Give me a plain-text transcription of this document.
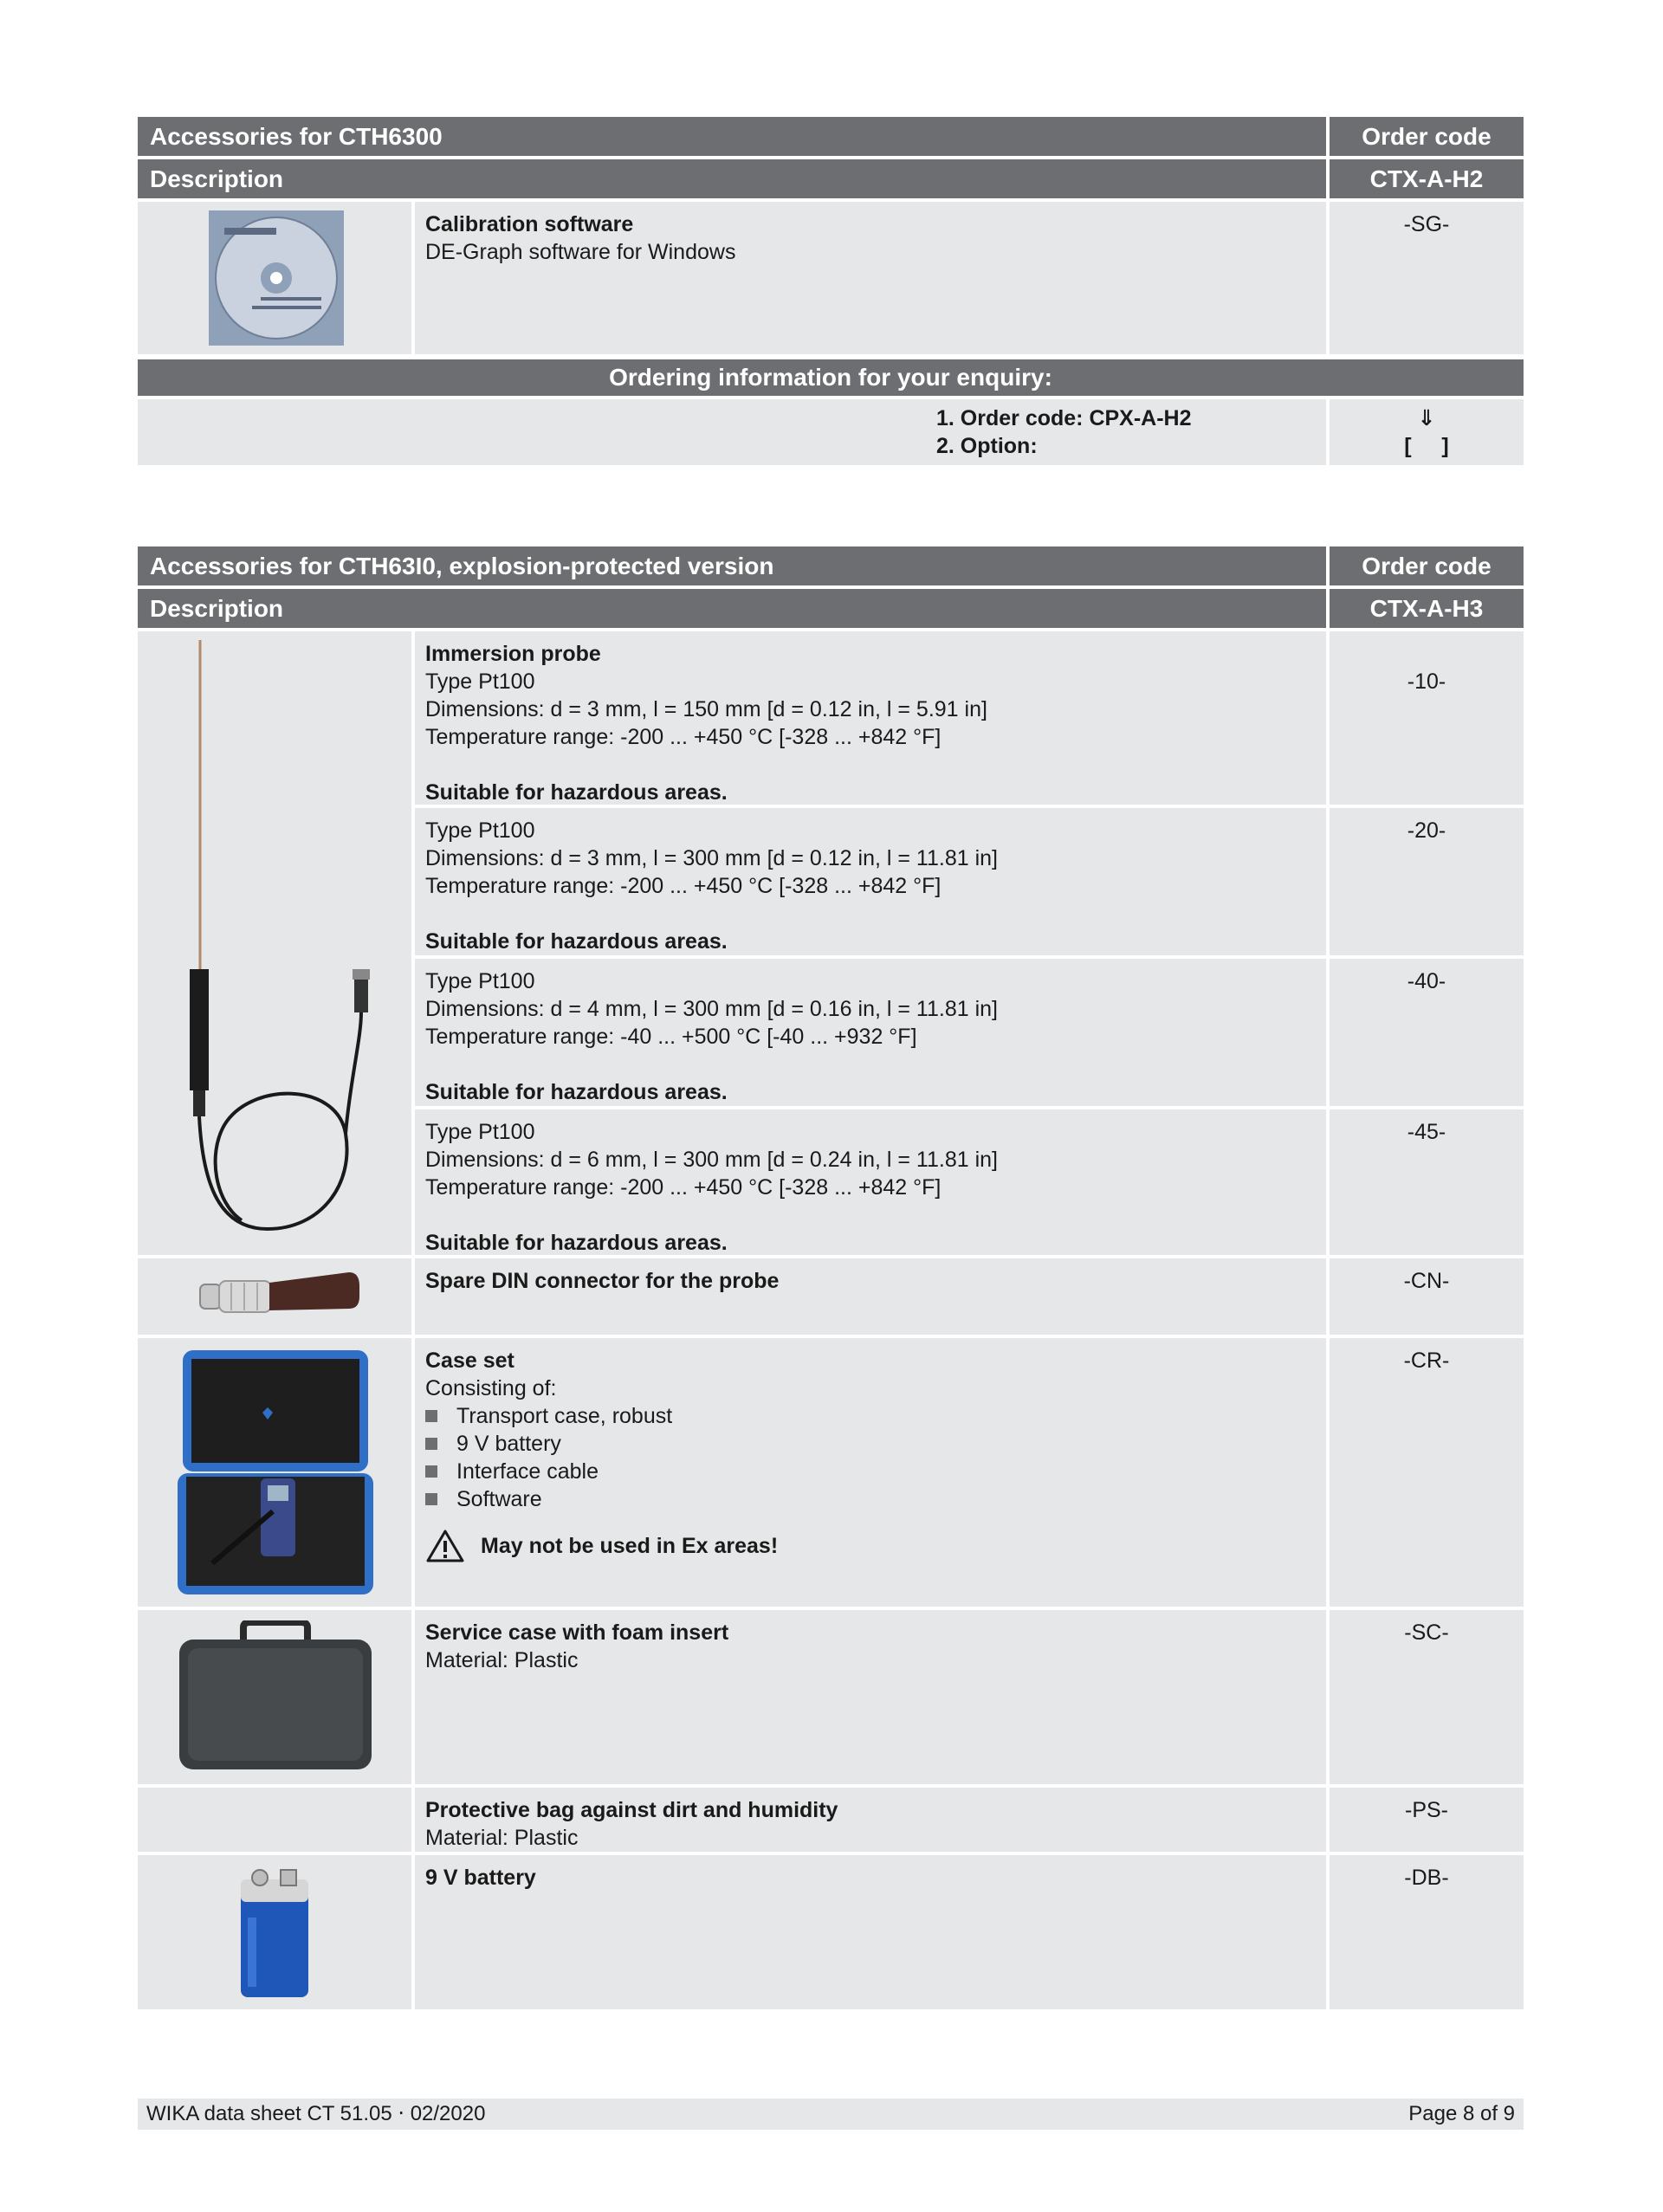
Accessories for CTH6300	Order code
Description	CTX-A-H2
Calibration software
DE-Graph software for Windows
-SG-
Ordering information for your enquiry:
1. Order code: CPX-A-H2
2. Option:
⇓
[     ]
Accessories for CTH63I0, explosion-protected version	Order code
Description	CTX-A-H3
Immersion probe
Type Pt100
Dimensions: d = 3 mm, l = 150 mm [d = 0.12 in, l = 5.91 in]
Temperature range: -200 ... +450 °C [-328 ... +842 °F]
Suitable for hazardous areas.
-10-
Type Pt100
Dimensions: d = 3 mm, l = 300 mm [d = 0.12 in, l = 11.81 in]
Temperature range: -200 ... +450 °C [-328 ... +842 °F]
Suitable for hazardous areas.
-20-
Type Pt100
Dimensions: d = 4 mm, l = 300 mm [d = 0.16 in, l = 11.81 in]
Temperature range: -40 ... +500 °C [-40 ... +932 °F]
Suitable for hazardous areas.
-40-
Type Pt100
Dimensions: d = 6 mm, l = 300 mm [d = 0.24 in, l = 11.81 in]
Temperature range: -200 ... +450 °C [-328 ... +842 °F]
Suitable for hazardous areas.
-45-
Spare DIN connector for the probe	-CN-
Case set
Consisting of:
Transport case, robust
9 V battery
Interface cable
Software
May not be used in Ex areas!
-CR-
Service case with foam insert
Material: Plastic
-SC-
Protective bag against dirt and humidity
Material: Plastic
-PS-
9 V battery	-DB-
WIKA data sheet CT 51.05 ⋅ 02/2020	Page 8 of 9
